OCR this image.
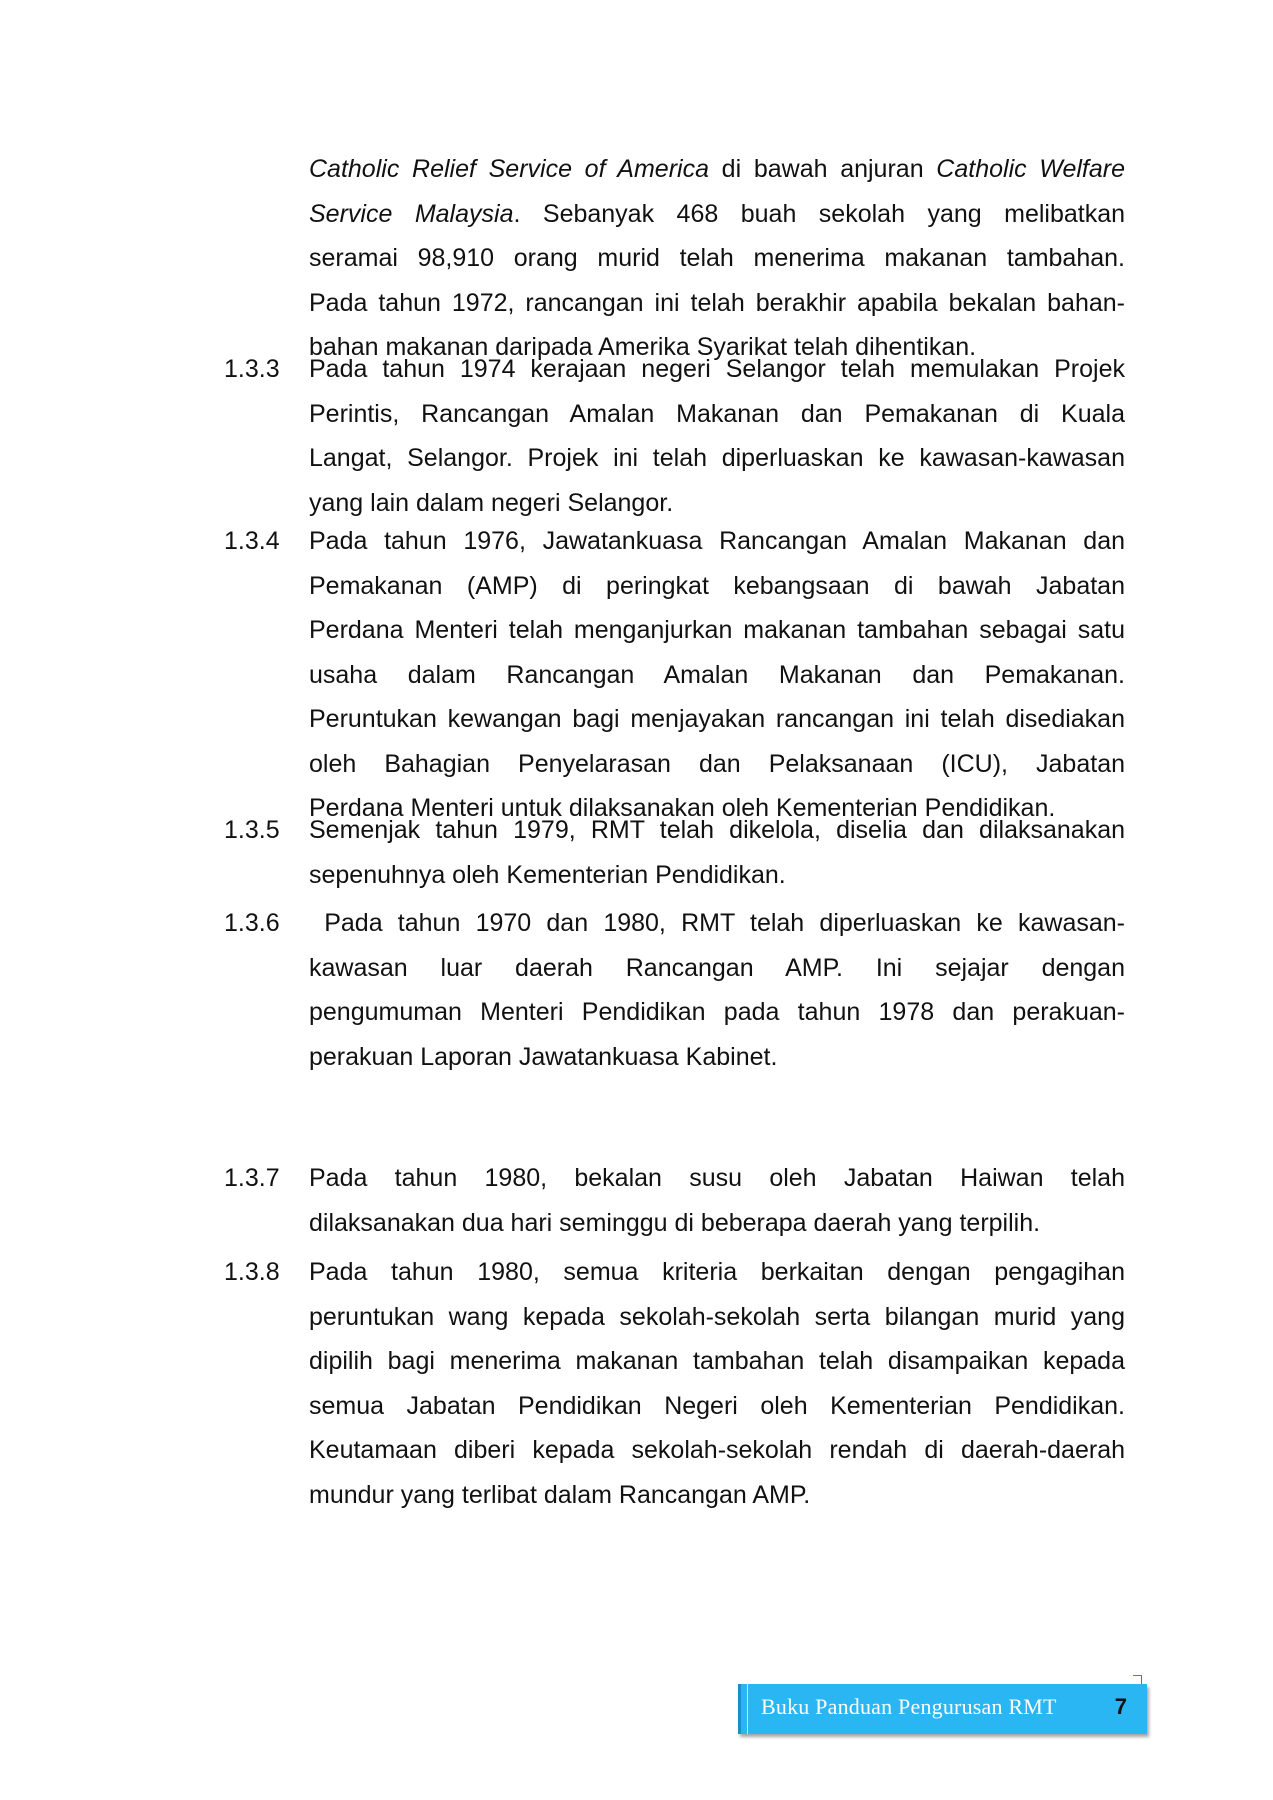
Catholic Relief Service of America di bawah anjuran Catholic Welfare
Service Malaysia. Sebanyak 468 buah sekolah yang melibatkan
seramai 98,910 orang murid telah menerima makanan tambahan.
Pada tahun 1972, rancangan ini telah berakhir apabila bekalan bahan-
bahan makanan daripada Amerika Syarikat telah dihentikan.
1.3.3 Pada tahun 1974 kerajaan negeri Selangor telah memulakan Projek
Perintis, Rancangan Amalan Makanan dan Pemakanan di Kuala
Langat, Selangor. Projek ini telah diperluaskan ke kawasan-kawasan
yang lain dalam negeri Selangor.
1.3.4 Pada tahun 1976, Jawatankuasa Rancangan Amalan Makanan dan
Pemakanan (AMP) di peringkat kebangsaan di bawah Jabatan
Perdana Menteri telah menganjurkan makanan tambahan sebagai satu
usaha dalam Rancangan Amalan Makanan dan Pemakanan.
Peruntukan kewangan bagi menjayakan rancangan ini telah disediakan
oleh Bahagian Penyelarasan dan Pelaksanaan (ICU), Jabatan
Perdana Menteri untuk dilaksanakan oleh Kementerian Pendidikan.
1.3.5 Semenjak tahun 1979, RMT telah dikelola, diselia dan dilaksanakan
sepenuhnya oleh Kementerian Pendidikan.
1.3.6 Pada tahun 1970 dan 1980, RMT telah diperluaskan ke kawasan-
kawasan luar daerah Rancangan AMP. Ini sejajar dengan
pengumuman Menteri Pendidikan pada tahun 1978 dan perakuan-
perakuan Laporan Jawatankuasa Kabinet.
1.3.7 Pada tahun 1980, bekalan susu oleh Jabatan Haiwan telah
dilaksanakan dua hari seminggu di beberapa daerah yang terpilih.
1.3.8 Pada tahun 1980, semua kriteria berkaitan dengan pengagihan
peruntukan wang kepada sekolah-sekolah serta bilangan murid yang
dipilih bagi menerima makanan tambahan telah disampaikan kepada
semua Jabatan Pendidikan Negeri oleh Kementerian Pendidikan.
Keutamaan diberi kepada sekolah-sekolah rendah di daerah-daerah
mundur yang terlibat dalam Rancangan AMP.
Buku Panduan Pengurusan RMT	7
